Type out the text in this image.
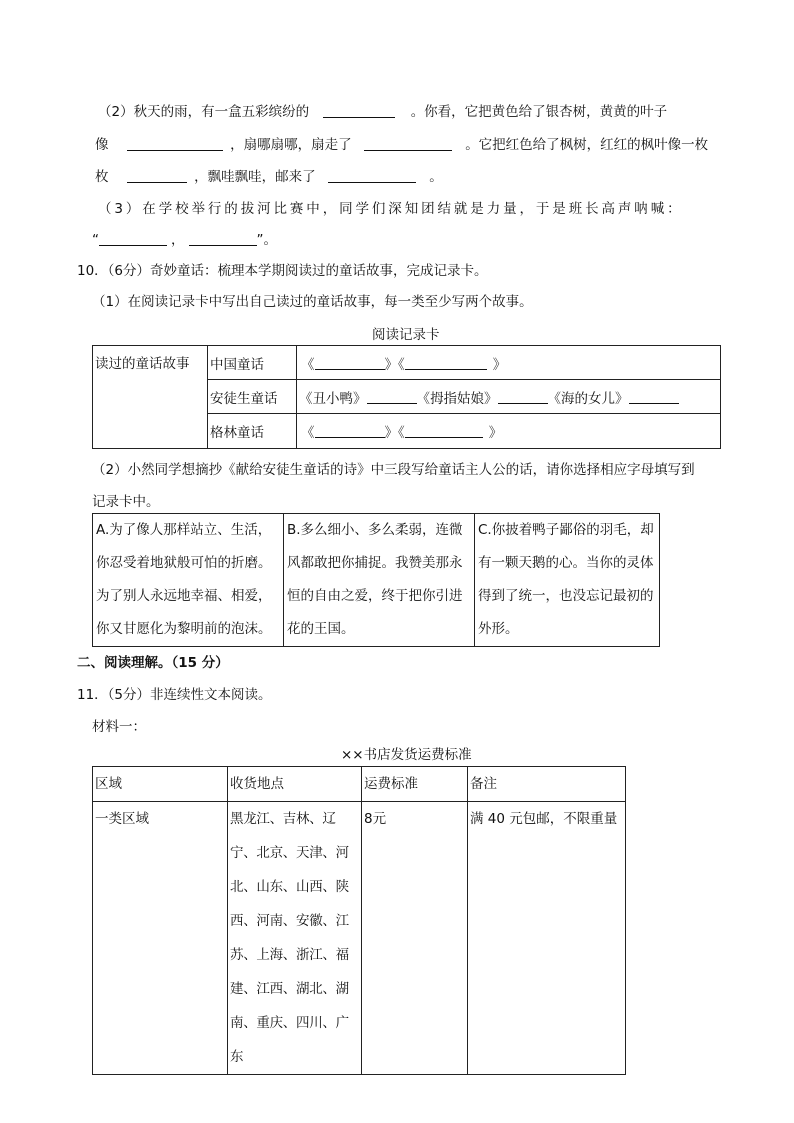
（2）秋天的雨，有一盒五彩缤纷的	。你看，它把黄色给了银杏树，黄黄的叶子
像	，扇哪扇哪，扇走了	。它把红色给了枫树，红红的枫叶像一枚
枚	，飘哇飘哇，邮来了	。
（3）在学校举行的拔河比赛中，同学们深知团结就是力量，于是班长高声呐喊：
“	，	”。
10．（6分）奇妙童话：梳理本学期阅读过的童话故事，完成记录卡。
（1）在阅读记录卡中写出自己读过的童话故事，每一类至少写两个故事。
阅读记录卡
读过的童话故事	中国童话	《 》《 》
	安徒生童话	《丑小鸭》 《拇指姑娘》 《海的女儿》
	格林童话	《 》《 》
（2）小然同学想摘抄《献给安徒生童话的诗》中三段写给童话主人公的话，请你选择相应字母填写到
记录卡中。
A.为了像人那样站立、生活，你忍受着地狱般可怕的折磨。为了别人永远地幸福、相爱，你又甘愿化为黎明前的泡沫。	B.多么细小、多么柔弱，连微风都敢把你捕捉。我赞美那永恒的自由之爱，终于把你引进花的王国。	C.你披着鸭子鄙俗的羽毛，却有一颗天鹅的心。当你的灵体得到了统一，也没忘记最初的外形。
二、阅读理解。（15 分）
11．（5分）非连续性文本阅读。
材料一：
××书店发货运费标准
区域	收货地点	运费标准	备注
一类区域	黑龙江、吉林、辽宁、北京、天津、河北、山东、山西、陕西、河南、安徽、江苏、上海、浙江、福建、江西、湖北、湖南、重庆、四川、广东	8元	满 40 元包邮，不限重量
